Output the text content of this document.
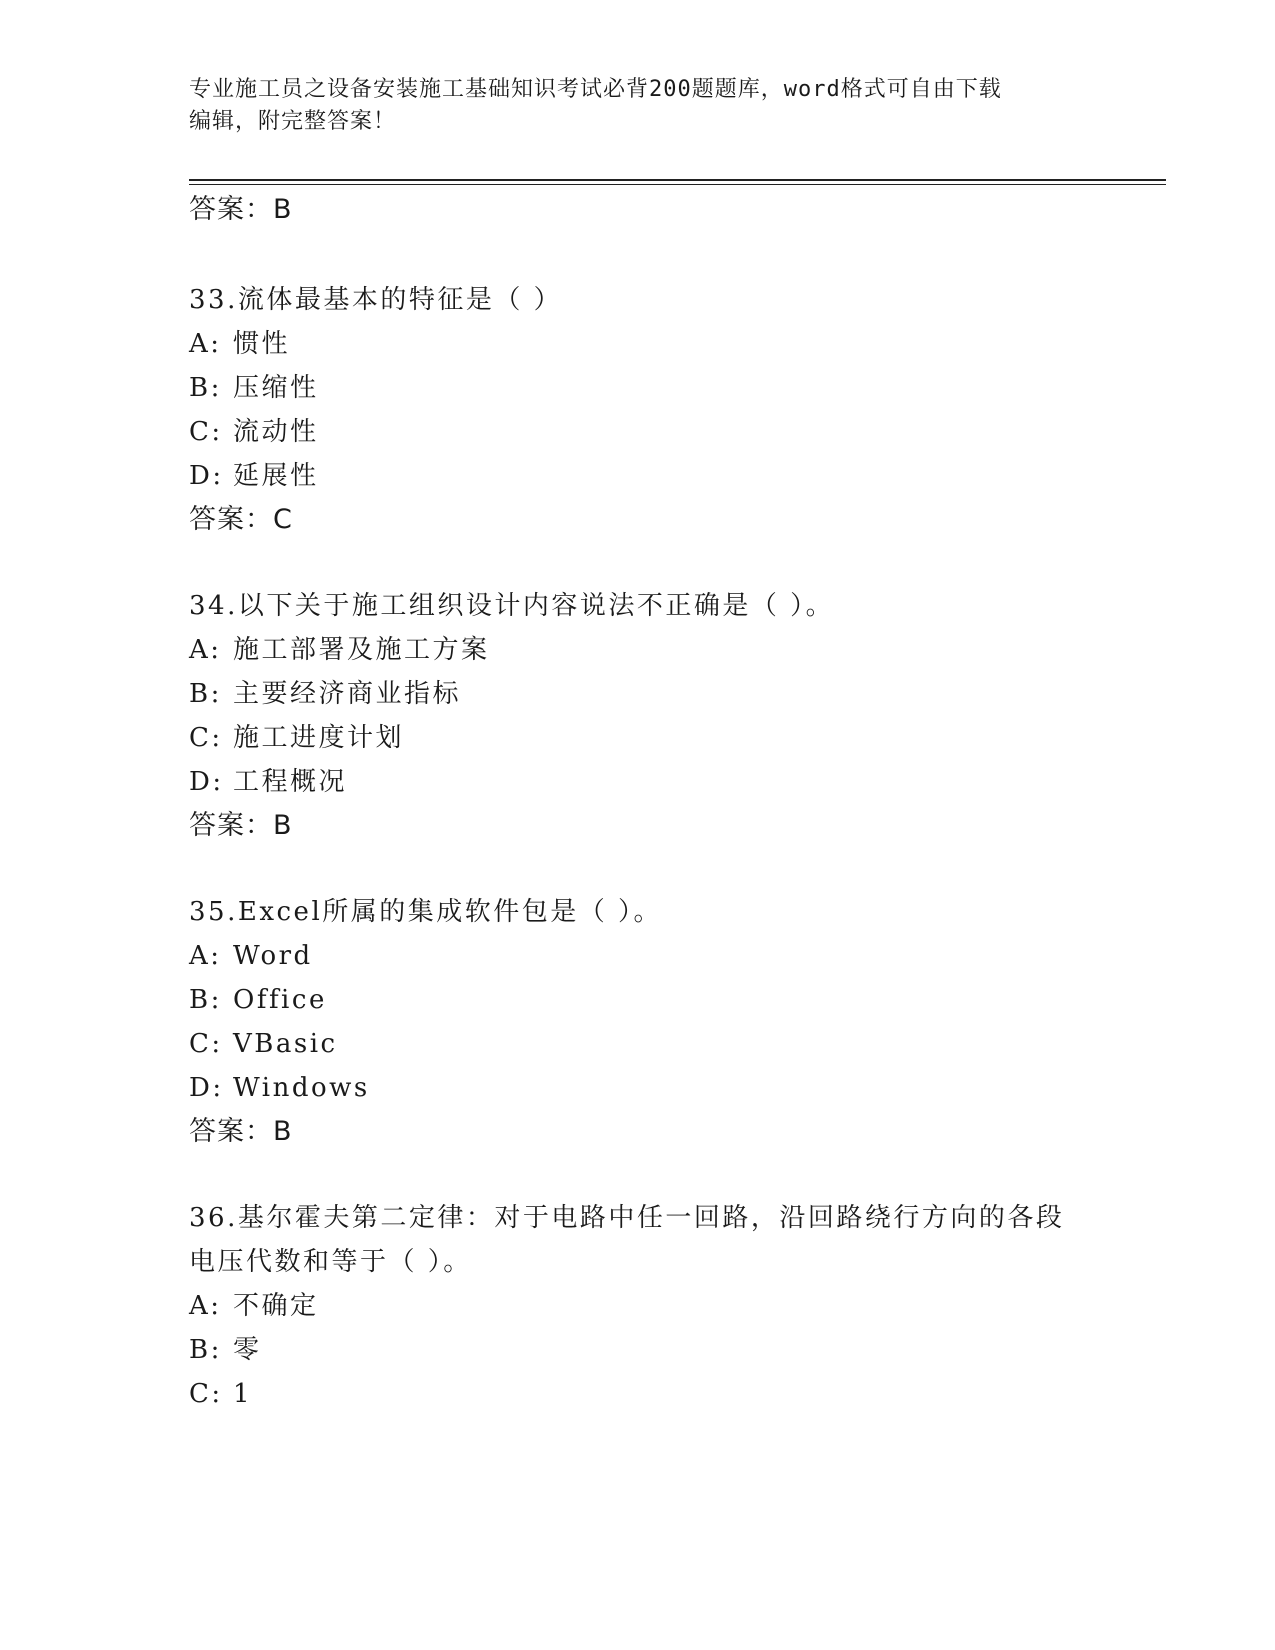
专业施工员之设备安装施工基础知识考试必背200题题库，word格式可自由下载
编辑，附完整答案！
答案：B
33.流体最基本的特征是（ ）
A: 惯性
B: 压缩性
C: 流动性
D: 延展性
答案：C
34.以下关于施工组织设计内容说法不正确是（ ）。
A: 施工部署及施工方案
B: 主要经济商业指标
C: 施工进度计划
D: 工程概况
答案：B
35.Excel所属的集成软件包是（ ）。
A: Word
B: Office
C: VBasic
D: Windows
答案：B
36.基尔霍夫第二定律：对于电路中任一回路，沿回路绕行方向的各段
电压代数和等于（ ）。
A: 不确定
B: 零
C: 1
